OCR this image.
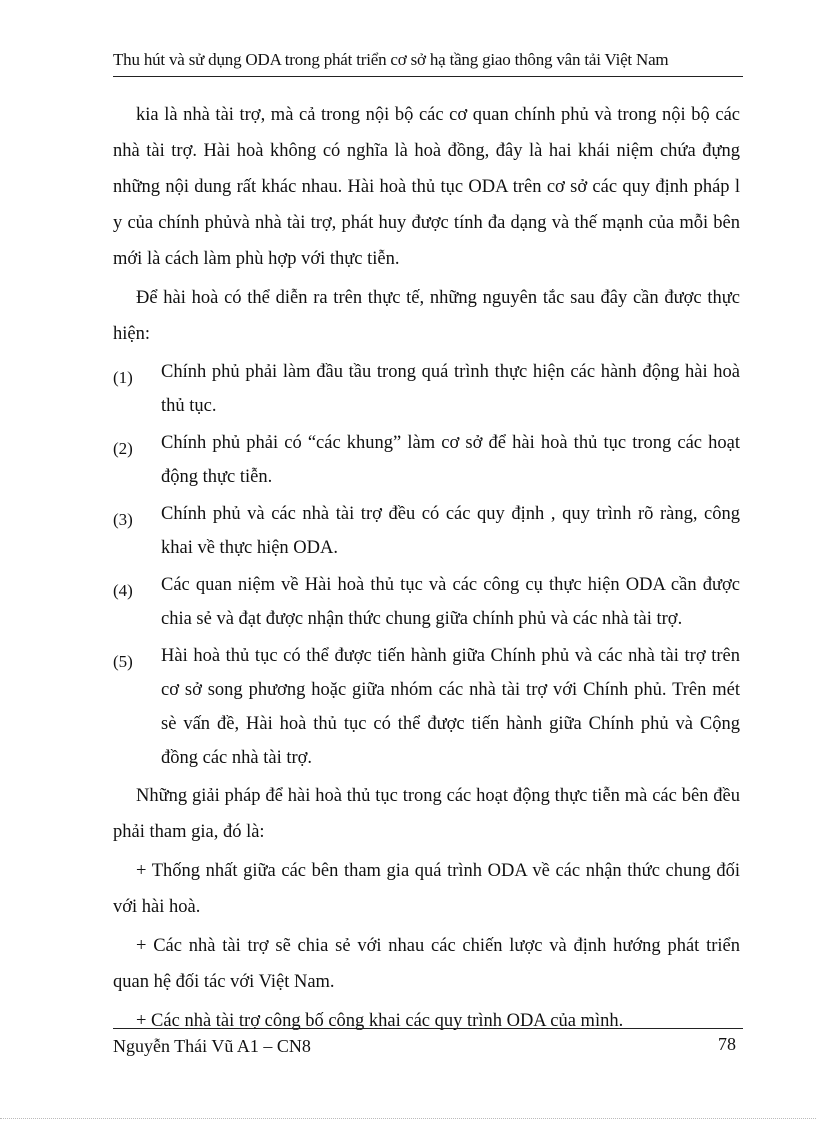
Thu hút và sử dụng ODA trong phát triển cơ sở hạ tầng giao thông vân tải Việt Nam

kia là nhà tài trợ, mà cả trong nội bộ các cơ quan chính phủ và trong nội bộ các nhà tài trợ. Hài hoà không có nghĩa là hoà đồng, đây là hai khái niệm chứa đựng những nội dung rất khác nhau. Hài hoà thủ tục ODA trên cơ sở các quy định pháp l y của chính phủvà nhà tài trợ, phát huy được tính đa dạng và thế mạnh của mỗi bên mới là cách làm phù hợp với thực tiễn.

Để hài hoà có thể diễn ra trên thực tế, những nguyên tắc sau đây cần được thực hiện:

(1)	Chính phủ phải làm đầu tầu trong quá trình thực hiện các hành động hài hoà thủ tục.
(2)	Chính phủ phải có “các khung” làm cơ sở để hài hoà thủ tục trong các hoạt động thực tiễn.
(3)	Chính phủ và các nhà tài trợ đều có các quy định , quy trình rõ ràng, công khai về thực hiện ODA.
(4)	Các quan niệm về Hài hoà thủ tục và các công cụ thực hiện ODA cần được chia sẻ và đạt được nhận thức chung giữa chính phủ và các nhà tài trợ.
(5)	Hài hoà thủ tục có thể được tiến hành giữa Chính phủ và các nhà tài trợ trên cơ sở song phương hoặc giữa nhóm các nhà tài trợ với Chính phủ. Trên mét sè vấn đề, Hài hoà thủ tục có thể được tiến hành giữa Chính phủ và Cộng đồng các nhà tài trợ.

Những giải pháp để hài hoà thủ tục trong các hoạt động thực tiễn mà các bên đều phải tham gia, đó là:

+ Thống nhất giữa các bên tham gia quá trình ODA về các nhận thức chung đối với hài hoà.

+ Các nhà tài trợ sẽ chia sẻ với nhau các chiến lược và định hướng phát triển quan hệ đối tác với Việt Nam.

+ Các nhà tài trợ công bố công khai các quy trình ODA của mình.

Nguyễn Thái Vũ A1 – CN8	78
